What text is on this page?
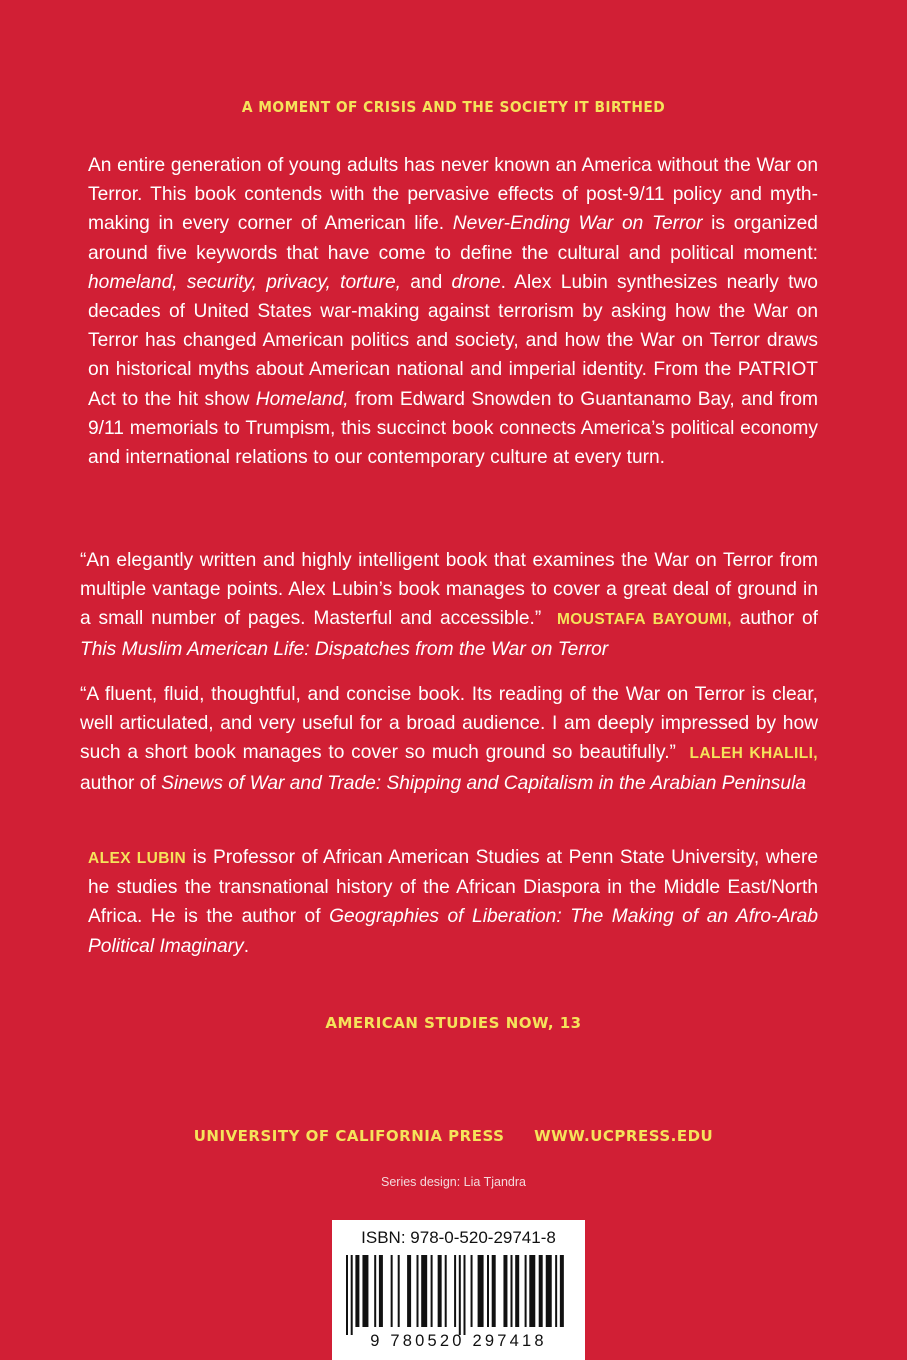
A MOMENT OF CRISIS AND THE SOCIETY IT BIRTHED

An entire generation of young adults has never known an America without the War on Terror. This book contends with the pervasive effects of post-9/11 policy and myth-making in every corner of American life. Never-Ending War on Terror is organized around five keywords that have come to define the cultural and political moment: homeland, security, privacy, torture, and drone. Alex Lubin synthesizes nearly two decades of United States war-making against terrorism by asking how the War on Terror has changed American politics and society, and how the War on Terror draws on historical myths about American national and imperial identity. From the PATRIOT Act to the hit show Homeland, from Edward Snowden to Guantanamo Bay, and from 9/11 memorials to Trumpism, this succinct book connects America’s political economy and international relations to our contemporary culture at every turn.

“An elegantly written and highly intelligent book that examines the War on Terror from multiple vantage points. Alex Lubin’s book manages to cover a great deal of ground in a small number of pages. Masterful and accessible.” MOUSTAFA BAYOUMI, author of This Muslim American Life: Dispatches from the War on Terror

“A fluent, fluid, thoughtful, and concise book. Its reading of the War on Terror is clear, well articulated, and very useful for a broad audience. I am deeply impressed by how such a short book manages to cover so much ground so beautifully.” LALEH KHALILI, author of Sinews of War and Trade: Shipping and Capitalism in the Arabian Peninsula

ALEX LUBIN is Professor of African American Studies at Penn State University, where he studies the transnational history of the African Diaspora in the Middle East/North Africa. He is the author of Geographies of Liberation: The Making of an Afro-Arab Political Imaginary.

AMERICAN STUDIES NOW, 13
UNIVERSITY OF CALIFORNIA PRESS WWW.UCPRESS.EDU
Series design: Lia Tjandra
ISBN: 978-0-520-29741-8
9 780520 297418
